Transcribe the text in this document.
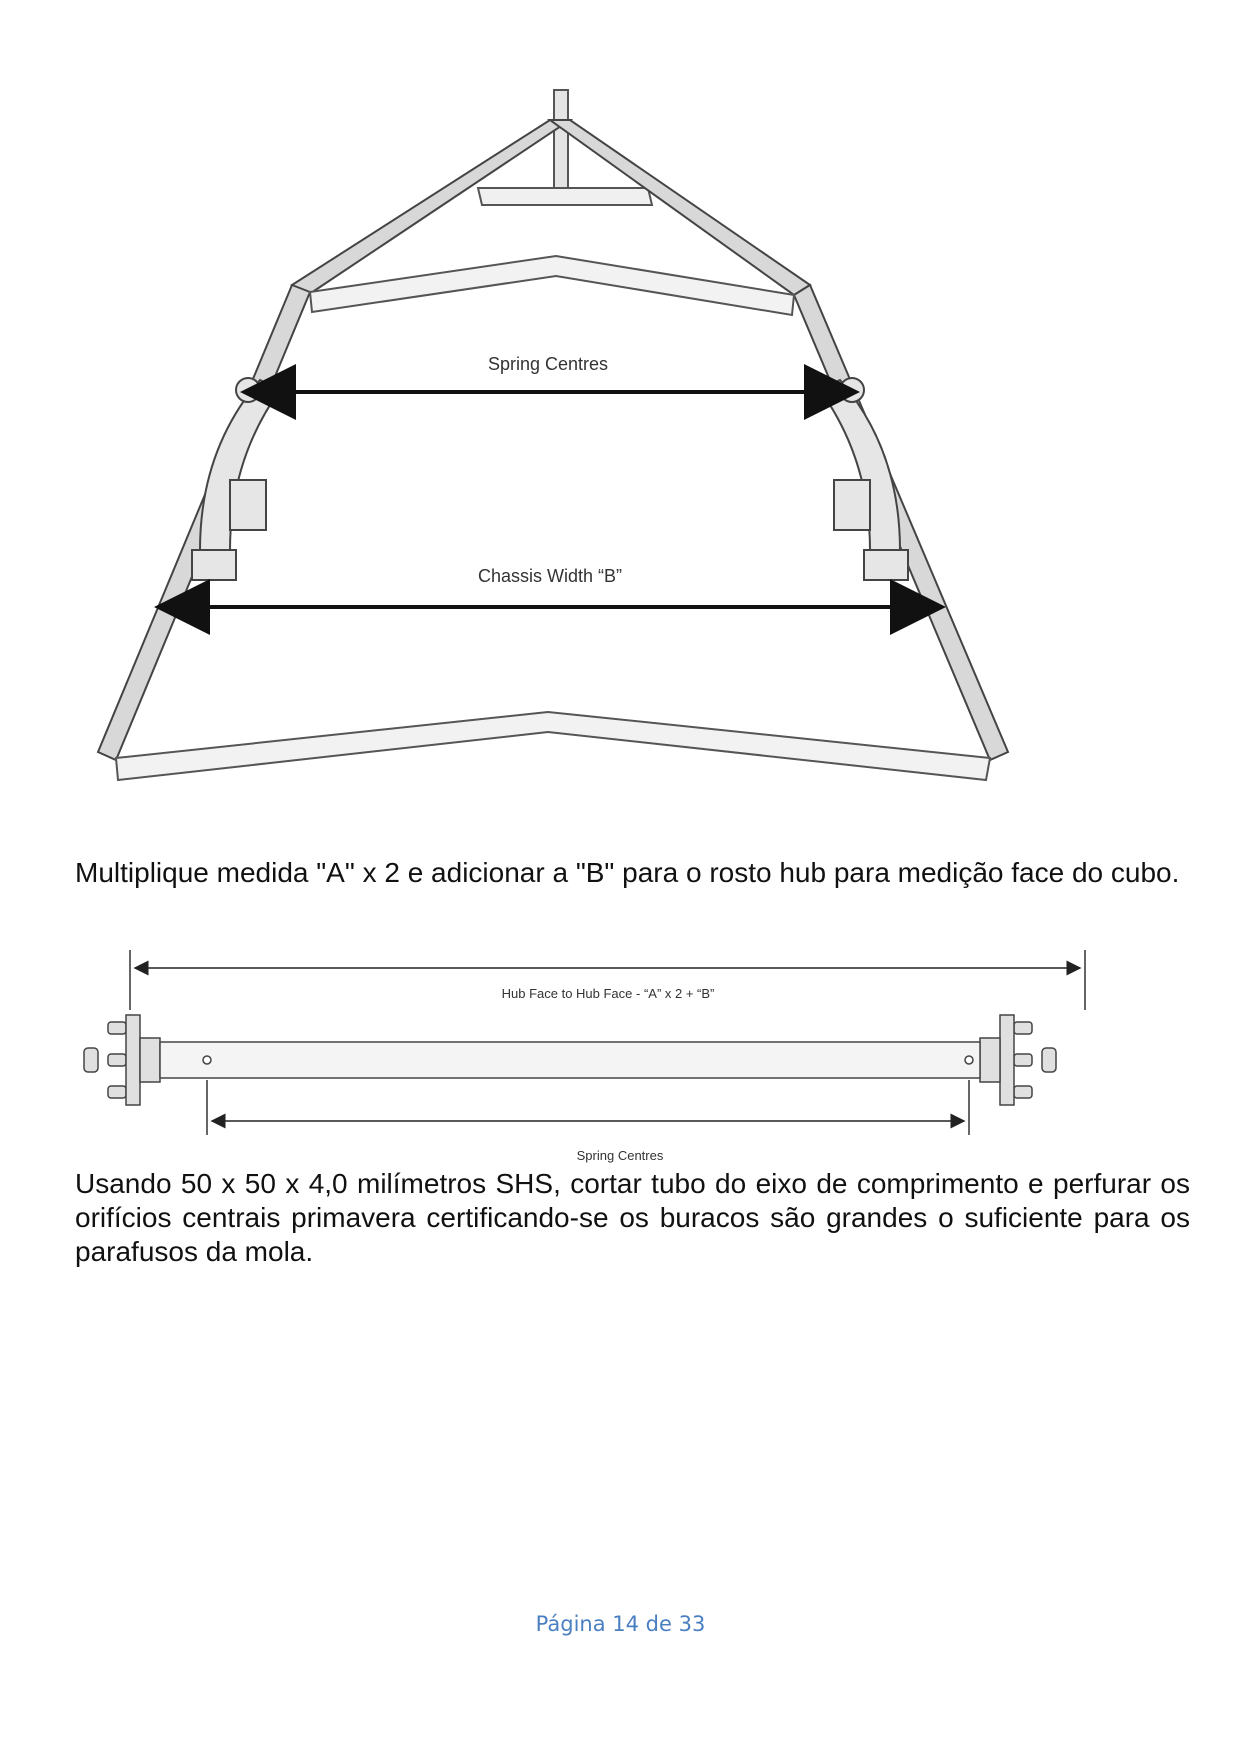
Spring Centres
Chassis Width “B”

Multiplique medida "A" x 2 e adicionar a "B" para o rosto hub para medição face do cubo.

Hub Face to Hub Face - “A” x 2 + “B”
Spring Centres

Usando 50 x 50 x 4,0 milímetros SHS, cortar tubo do eixo de comprimento e perfurar os orifícios centrais primavera certificando-se os buracos são grandes o suficiente para os parafusos da mola.

Página 14 de 33
